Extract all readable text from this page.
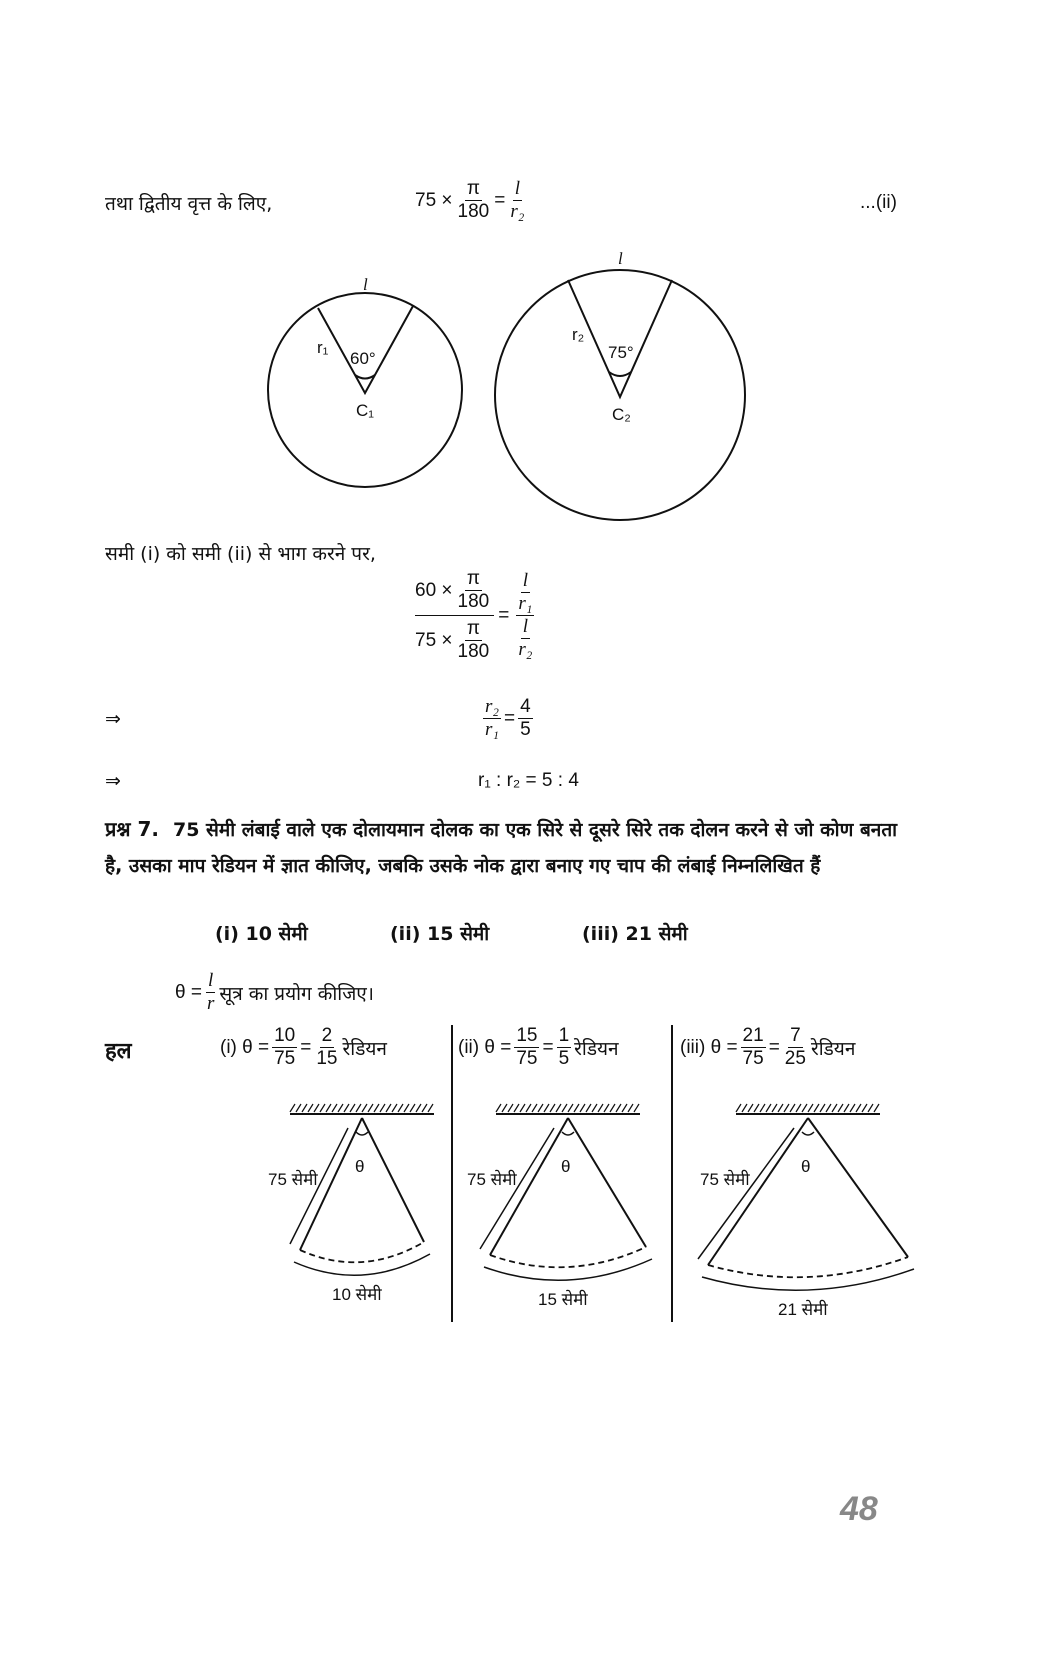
तथा द्वितीय वृत्त के लिए,	$75 \times \frac{\pi}{180} = \frac{l}{\text{r₂}}$	...(ii)
l
r₁
60°
C₁
l
r₂
75°
C₂
समी (i) को समी (ii) से भाग करने पर,
$\frac{60 \times \frac{\pi}{180}}{75 \times \frac{\pi}{180}} = \frac{\frac{l}{\text{r₁}}}{\frac{l}{\text{r₂}}}$
⇒	$\frac{\text{r₂}}{\text{r₁}} = \frac{4}{5}$
⇒	r₁ : r₂ = 5 : 4
प्रश्न 7. 75 सेमी लंबाई वाले एक दोलायमान दोलक का एक सिरे से दूसरे सिरे तक दोलन करने से जो कोण बनता है, उसका माप रेडियन में ज्ञात कीजिए, जबकि उसके नोक द्वारा बनाए गए चाप की लंबाई निम्नलिखित हैं
(i) 10 सेमी	(ii) 15 सेमी	(iii) 21 सेमी
$\theta = \frac{l}{r}$ सूत्र का प्रयोग कीजिए।
हल	(i) $\theta = \frac{10}{75} = \frac{2}{15}$ रेडियन
75 सेमी
θ
10 सेमी
(ii) $\theta = \frac{15}{75} = \frac{1}{5}$ रेडियन
75 सेमी
θ
15 सेमी
(iii) $\theta = \frac{21}{75} = \frac{7}{25}$ रेडियन
75 सेमी
θ
21 सेमी
48
